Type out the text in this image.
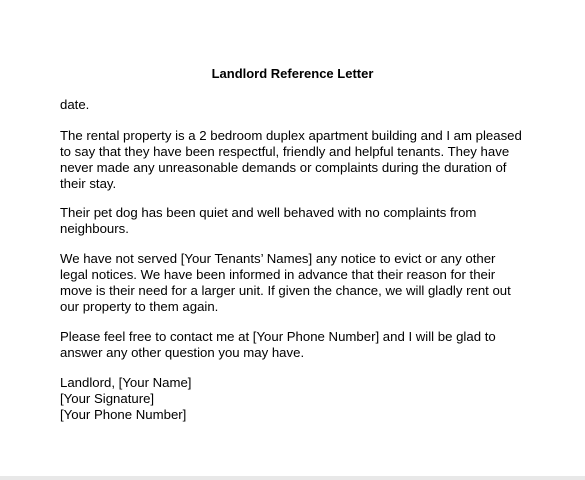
Landlord Reference Letter
date.
The rental property is a 2 bedroom duplex apartment building and I am pleased
to say that they have been respectful, friendly and helpful tenants. They have
never made any unreasonable demands or complaints during the duration of
their stay.
Their pet dog has been quiet and well behaved with no complaints from
neighbours.
We have not served [Your Tenants’ Names] any notice to evict or any other
legal notices. We have been informed in advance that their reason for their
move is their need for a larger unit. If given the chance, we will gladly rent out
our property to them again.
Please feel free to contact me at [Your Phone Number] and I will be glad to
answer any other question you may have.
Landlord, [Your Name]
[Your Signature]
[Your Phone Number]
